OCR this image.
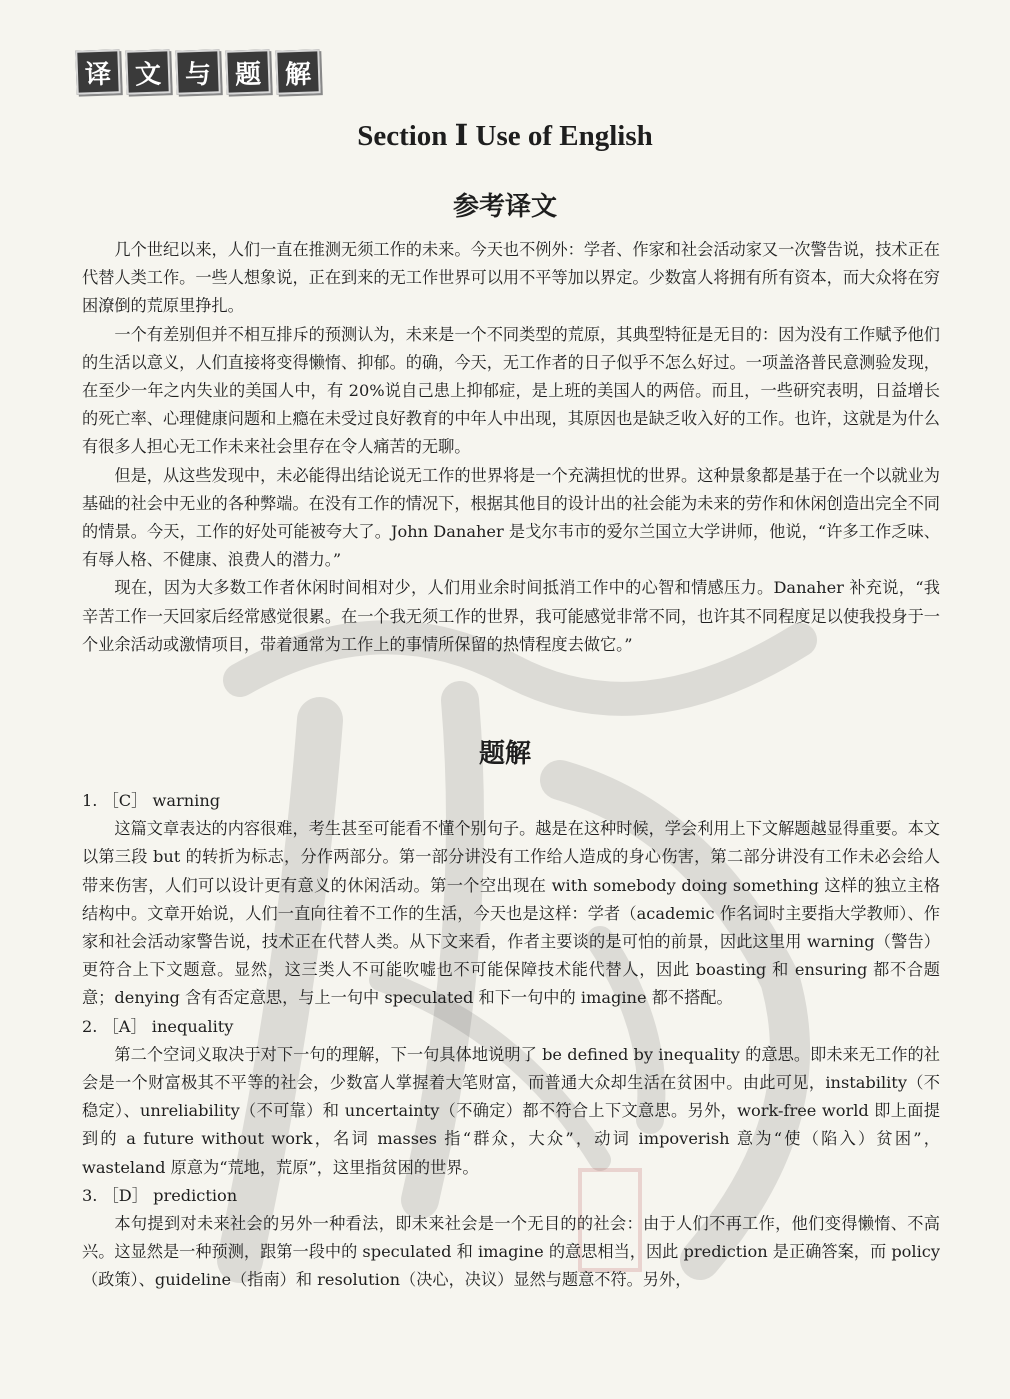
译 文 与 题 解
Section Ⅰ Use of English
参考译文

几个世纪以来，人们一直在推测无须工作的未来。今天也不例外：学者、作家和社会活动家又一次警告说，技术正在代替人类工作。一些人想象说，正在到来的无工作世界可以用不平等加以界定。少数富人将拥有所有资本，而大众将在穷困潦倒的荒原里挣扎。

一个有差别但并不相互排斥的预测认为，未来是一个不同类型的荒原，其典型特征是无目的：因为没有工作赋予他们的生活以意义，人们直接将变得懒惰、抑郁。的确，今天，无工作者的日子似乎不怎么好过。一项盖洛普民意测验发现，在至少一年之内失业的美国人中，有 20%说自己患上抑郁症，是上班的美国人的两倍。而且，一些研究表明，日益增长的死亡率、心理健康问题和上瘾在未受过良好教育的中年人中出现，其原因也是缺乏收入好的工作。也许，这就是为什么有很多人担心无工作未来社会里存在令人痛苦的无聊。

但是，从这些发现中，未必能得出结论说无工作的世界将是一个充满担忧的世界。这种景象都是基于在一个以就业为基础的社会中无业的各种弊端。在没有工作的情况下，根据其他目的设计出的社会能为未来的劳作和休闲创造出完全不同的情景。今天，工作的好处可能被夸大了。John Danaher 是戈尔韦市的爱尔兰国立大学讲师，他说，“许多工作乏味、有辱人格、不健康、浪费人的潜力。”

现在，因为大多数工作者休闲时间相对少，人们用业余时间抵消工作中的心智和情感压力。Danaher 补充说，“我辛苦工作一天回家后经常感觉很累。在一个我无须工作的世界，我可能感觉非常不同，也许其不同程度足以使我投身于一个业余活动或激情项目，带着通常为工作上的事情所保留的热情程度去做它。”

题解

1. ［C］ warning

这篇文章表达的内容很难，考生甚至可能看不懂个别句子。越是在这种时候，学会利用上下文解题越显得重要。本文以第三段 but 的转折为标志，分作两部分。第一部分讲没有工作给人造成的身心伤害，第二部分讲没有工作未必会给人带来伤害，人们可以设计更有意义的休闲活动。第一个空出现在 with somebody doing something 这样的独立主格结构中。文章开始说，人们一直向往着不工作的生活，今天也是这样：学者（academic 作名词时主要指大学教师）、作家和社会活动家警告说，技术正在代替人类。从下文来看，作者主要谈的是可怕的前景，因此这里用 warning（警告）更符合上下文题意。显然，这三类人不可能吹嘘也不可能保障技术能代替人，因此 boasting 和 ensuring 都不合题意；denying 含有否定意思，与上一句中 speculated 和下一句中的 imagine 都不搭配。

2. ［A］ inequality

第二个空词义取决于对下一句的理解，下一句具体地说明了 be defined by inequality 的意思。即未来无工作的社会是一个财富极其不平等的社会，少数富人掌握着大笔财富，而普通大众却生活在贫困中。由此可见，instability（不稳定）、unreliability（不可靠）和 uncertainty（不确定）都不符合上下文意思。另外，work-free world 即上面提到的 a future without work，名词 masses 指“群众，大众”，动词 impoverish 意为“使（陷入）贫困”，wasteland 原意为“荒地，荒原”，这里指贫困的世界。

3. ［D］ prediction

本句提到对未来社会的另外一种看法，即未来社会是一个无目的的社会：由于人们不再工作，他们变得懒惰、不高兴。这显然是一种预测，跟第一段中的 speculated 和 imagine 的意思相当，因此 prediction 是正确答案，而 policy（政策）、guideline（指南）和 resolution（决心，决议）显然与题意不符。另外，
